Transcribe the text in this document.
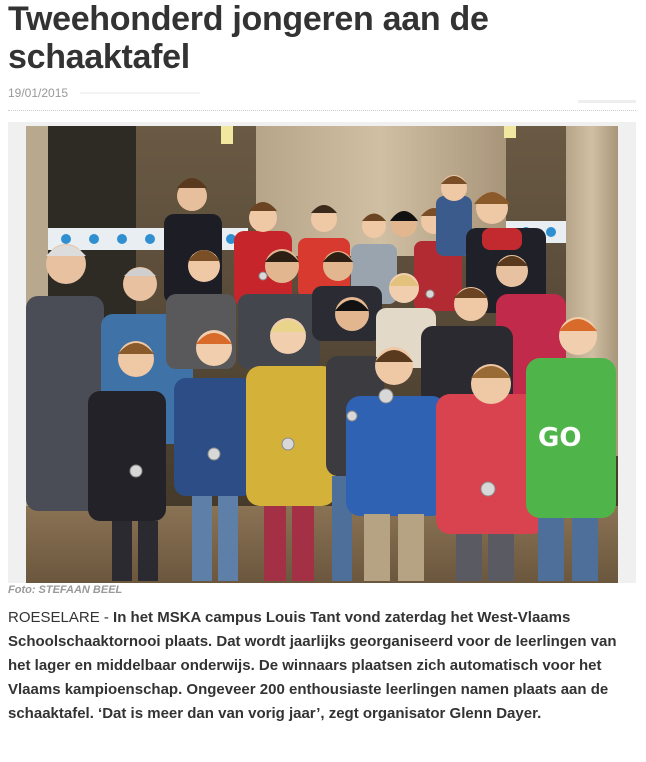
Tweehonderd jongeren aan de schaaktafel
19/01/2015
GO
Foto: STEFAAN BEEL

ROESELARE - In het MSKA campus Louis Tant vond zaterdag het West-Vlaams Schoolschaaktornooi plaats. Dat wordt jaarlijks georganiseerd voor de leerlingen van het lager en middelbaar onderwijs. De winnaars plaatsen zich automatisch voor het Vlaams kampioenschap. Ongeveer 200 enthousiaste leerlingen namen plaats aan de schaaktafel. ‘Dat is meer dan van vorig jaar’, zegt organisator Glenn Dayer.
